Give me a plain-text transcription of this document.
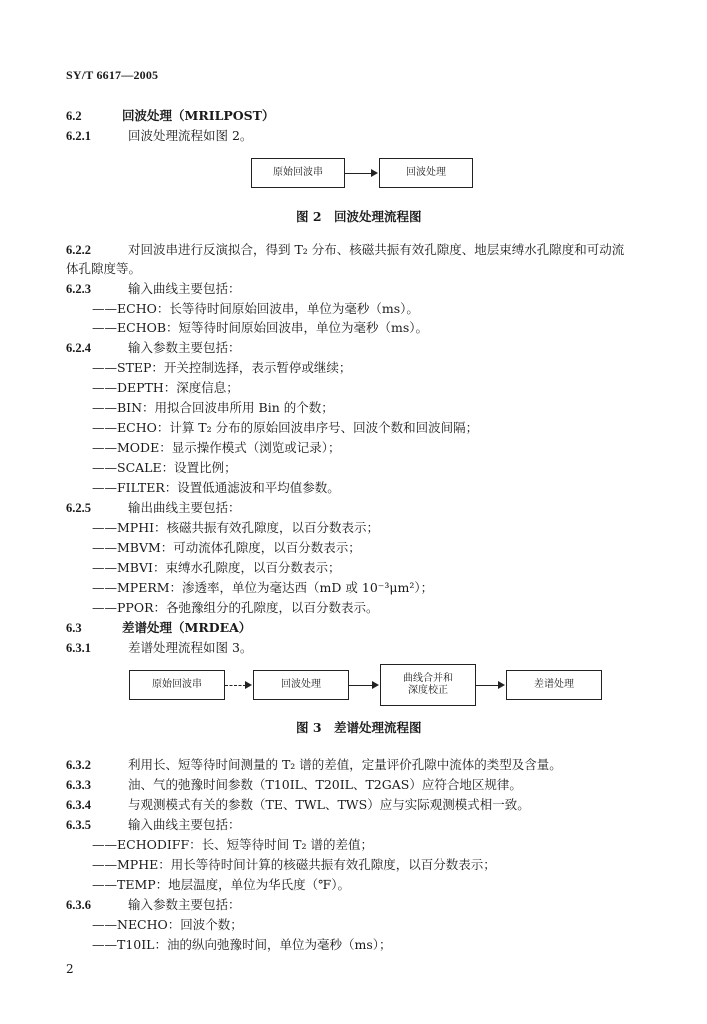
SY/T 6617—2005
6.2	回波处理（MRILPOST）
6.2.1	回波处理流程如图 2。
原始回波串	回波处理
图 2　回波处理流程图
6.2.2	对回波串进行反演拟合，得到 T₂ 分布、核磁共振有效孔隙度、地层束缚水孔隙度和可动流
体孔隙度等。
6.2.3	输入曲线主要包括：
——ECHO：长等待时间原始回波串，单位为毫秒（ms）。
——ECHOB：短等待时间原始回波串，单位为毫秒（ms）。
6.2.4	输入参数主要包括：
——STEP：开关控制选择，表示暂停或继续；
——DEPTH：深度信息；
——BIN：用拟合回波串所用 Bin 的个数；
——ECHO：计算 T₂ 分布的原始回波串序号、回波个数和回波间隔；
——MODE：显示操作模式（浏览或记录）；
——SCALE：设置比例；
——FILTER：设置低通滤波和平均值参数。
6.2.5	输出曲线主要包括：
——MPHI：核磁共振有效孔隙度，以百分数表示；
——MBVM：可动流体孔隙度，以百分数表示；
——MBVI：束缚水孔隙度，以百分数表示；
——MPERM：渗透率，单位为毫达西（mD 或 10⁻³μm²）；
——PPOR：各弛豫组分的孔隙度，以百分数表示。
6.3	差谱处理（MRDEA）
6.3.1	差谱处理流程如图 3。
原始回波串	回波处理
曲线合并和
深度校正
差谱处理
图 3　差谱处理流程图
6.3.2	利用长、短等待时间测量的 T₂ 谱的差值，定量评价孔隙中流体的类型及含量。
6.3.3	油、气的弛豫时间参数（T10IL、T20IL、T2GAS）应符合地区规律。
6.3.4	与观测模式有关的参数（TE、TWL、TWS）应与实际观测模式相一致。
6.3.5	输入曲线主要包括：
——ECHODIFF：长、短等待时间 T₂ 谱的差值；
——MPHE：用长等待时间计算的核磁共振有效孔隙度，以百分数表示；
——TEMP：地层温度，单位为华氏度（℉）。
6.3.6	输入参数主要包括：
——NECHO：回波个数；
——T10IL：油的纵向弛豫时间，单位为毫秒（ms）；
2
